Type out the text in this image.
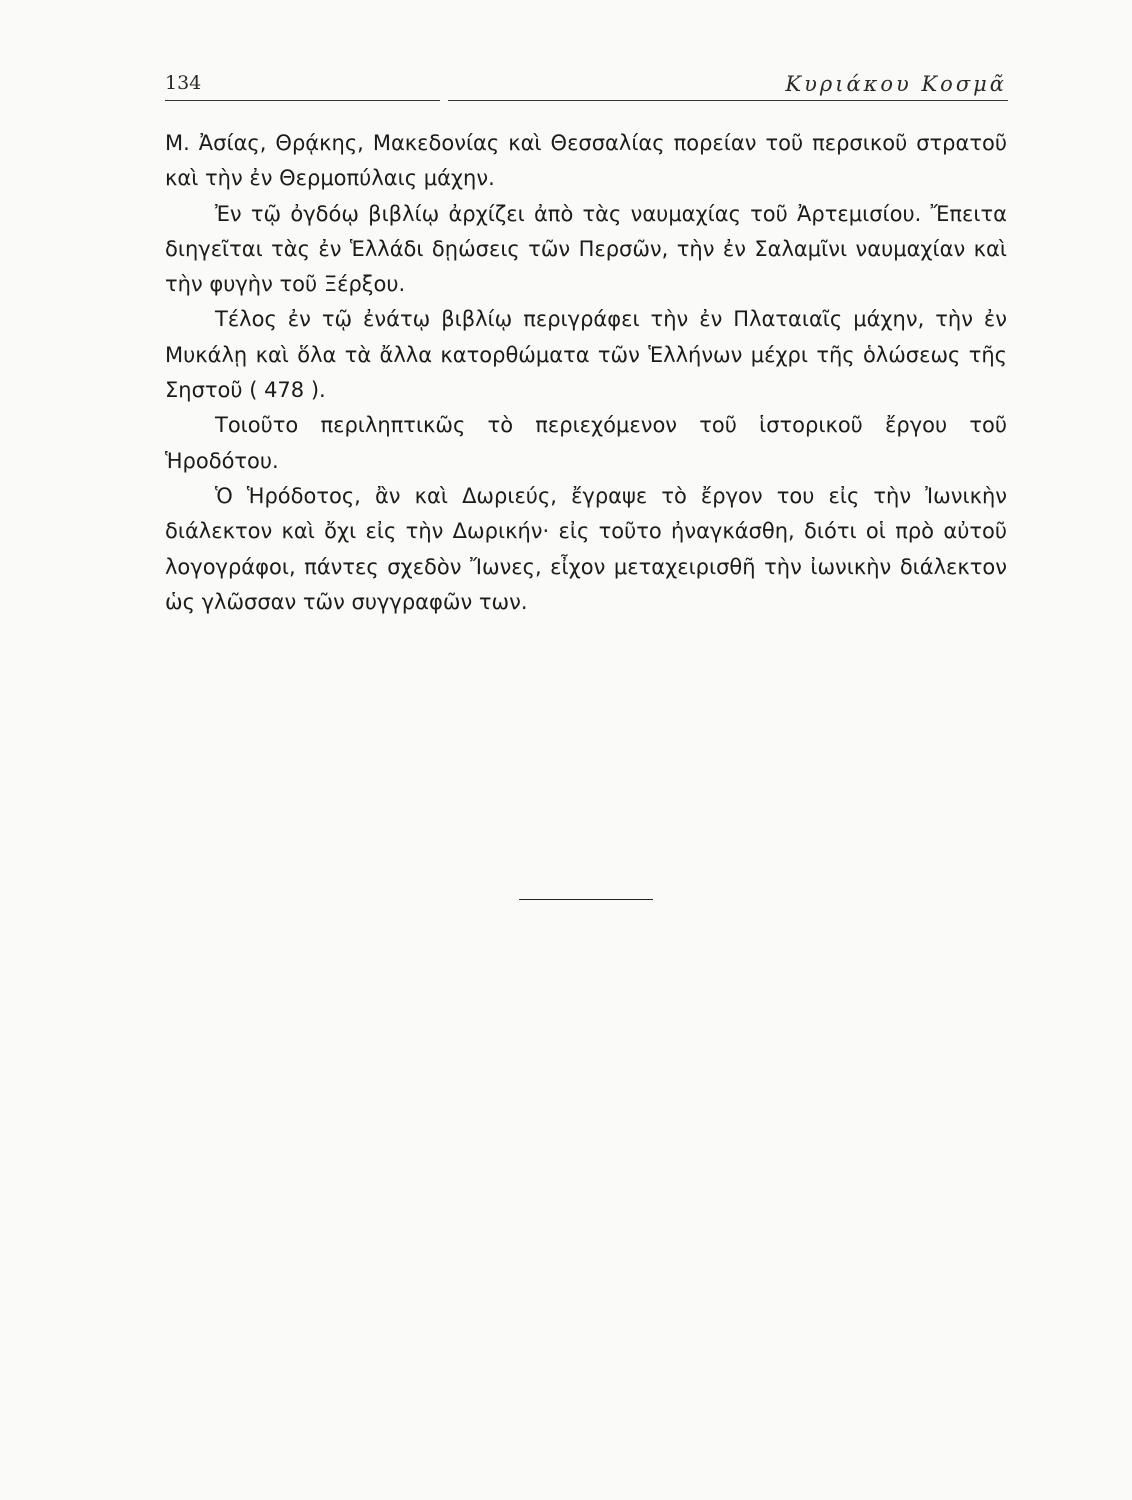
134	Κυριάκου Κοσμᾶ

Μ. Ἀσίας, Θρᾴκης, Μακεδονίας καὶ Θεσσαλίας πορείαν τοῦ περσικοῦ στρατοῦ καὶ τὴν ἐν Θερμοπύλαις μάχην.

Ἐν τῷ ὀγδόῳ βιβλίῳ ἀρχίζει ἀπὸ τὰς ναυμαχίας τοῦ Ἀρτεμισίου. Ἔπειτα διηγεῖται τὰς ἐν Ἑλλάδι δῃώσεις τῶν Περσῶν, τὴν ἐν Σαλαμῖνι ναυμαχίαν καὶ τὴν φυγὴν τοῦ Ξέρξου.

Τέλος ἐν τῷ ἐνάτῳ βιβλίῳ περιγράφει τὴν ἐν Πλαταιαῖς μάχην, τὴν ἐν Μυκάλῃ καὶ ὅλα τὰ ἄλλα κατορθώματα τῶν Ἑλλήνων μέχρι τῆς ὁλώσεως τῆς Σηστοῦ ( 478 ).

Τοιοῦτο περιληπτικῶς τὸ περιεχόμενον τοῦ ἱστορικοῦ ἔργου τοῦ Ἡροδότου.

Ὁ Ἡρόδοτος, ἂν καὶ Δωριεύς, ἔγραψε τὸ ἔργον του εἰς τὴν Ἰωνικὴν διάλεκτον καὶ ὄχι εἰς τὴν Δωρικήν· εἰς τοῦτο ἠναγκάσθη, διότι οἱ πρὸ αὐτοῦ λογογράφοι, πάντες σχεδὸν Ἴωνες, εἶχον μεταχειρισθῆ τὴν ἰωνικὴν διάλεκτον ὡς γλῶσσαν τῶν συγγραφῶν των.
